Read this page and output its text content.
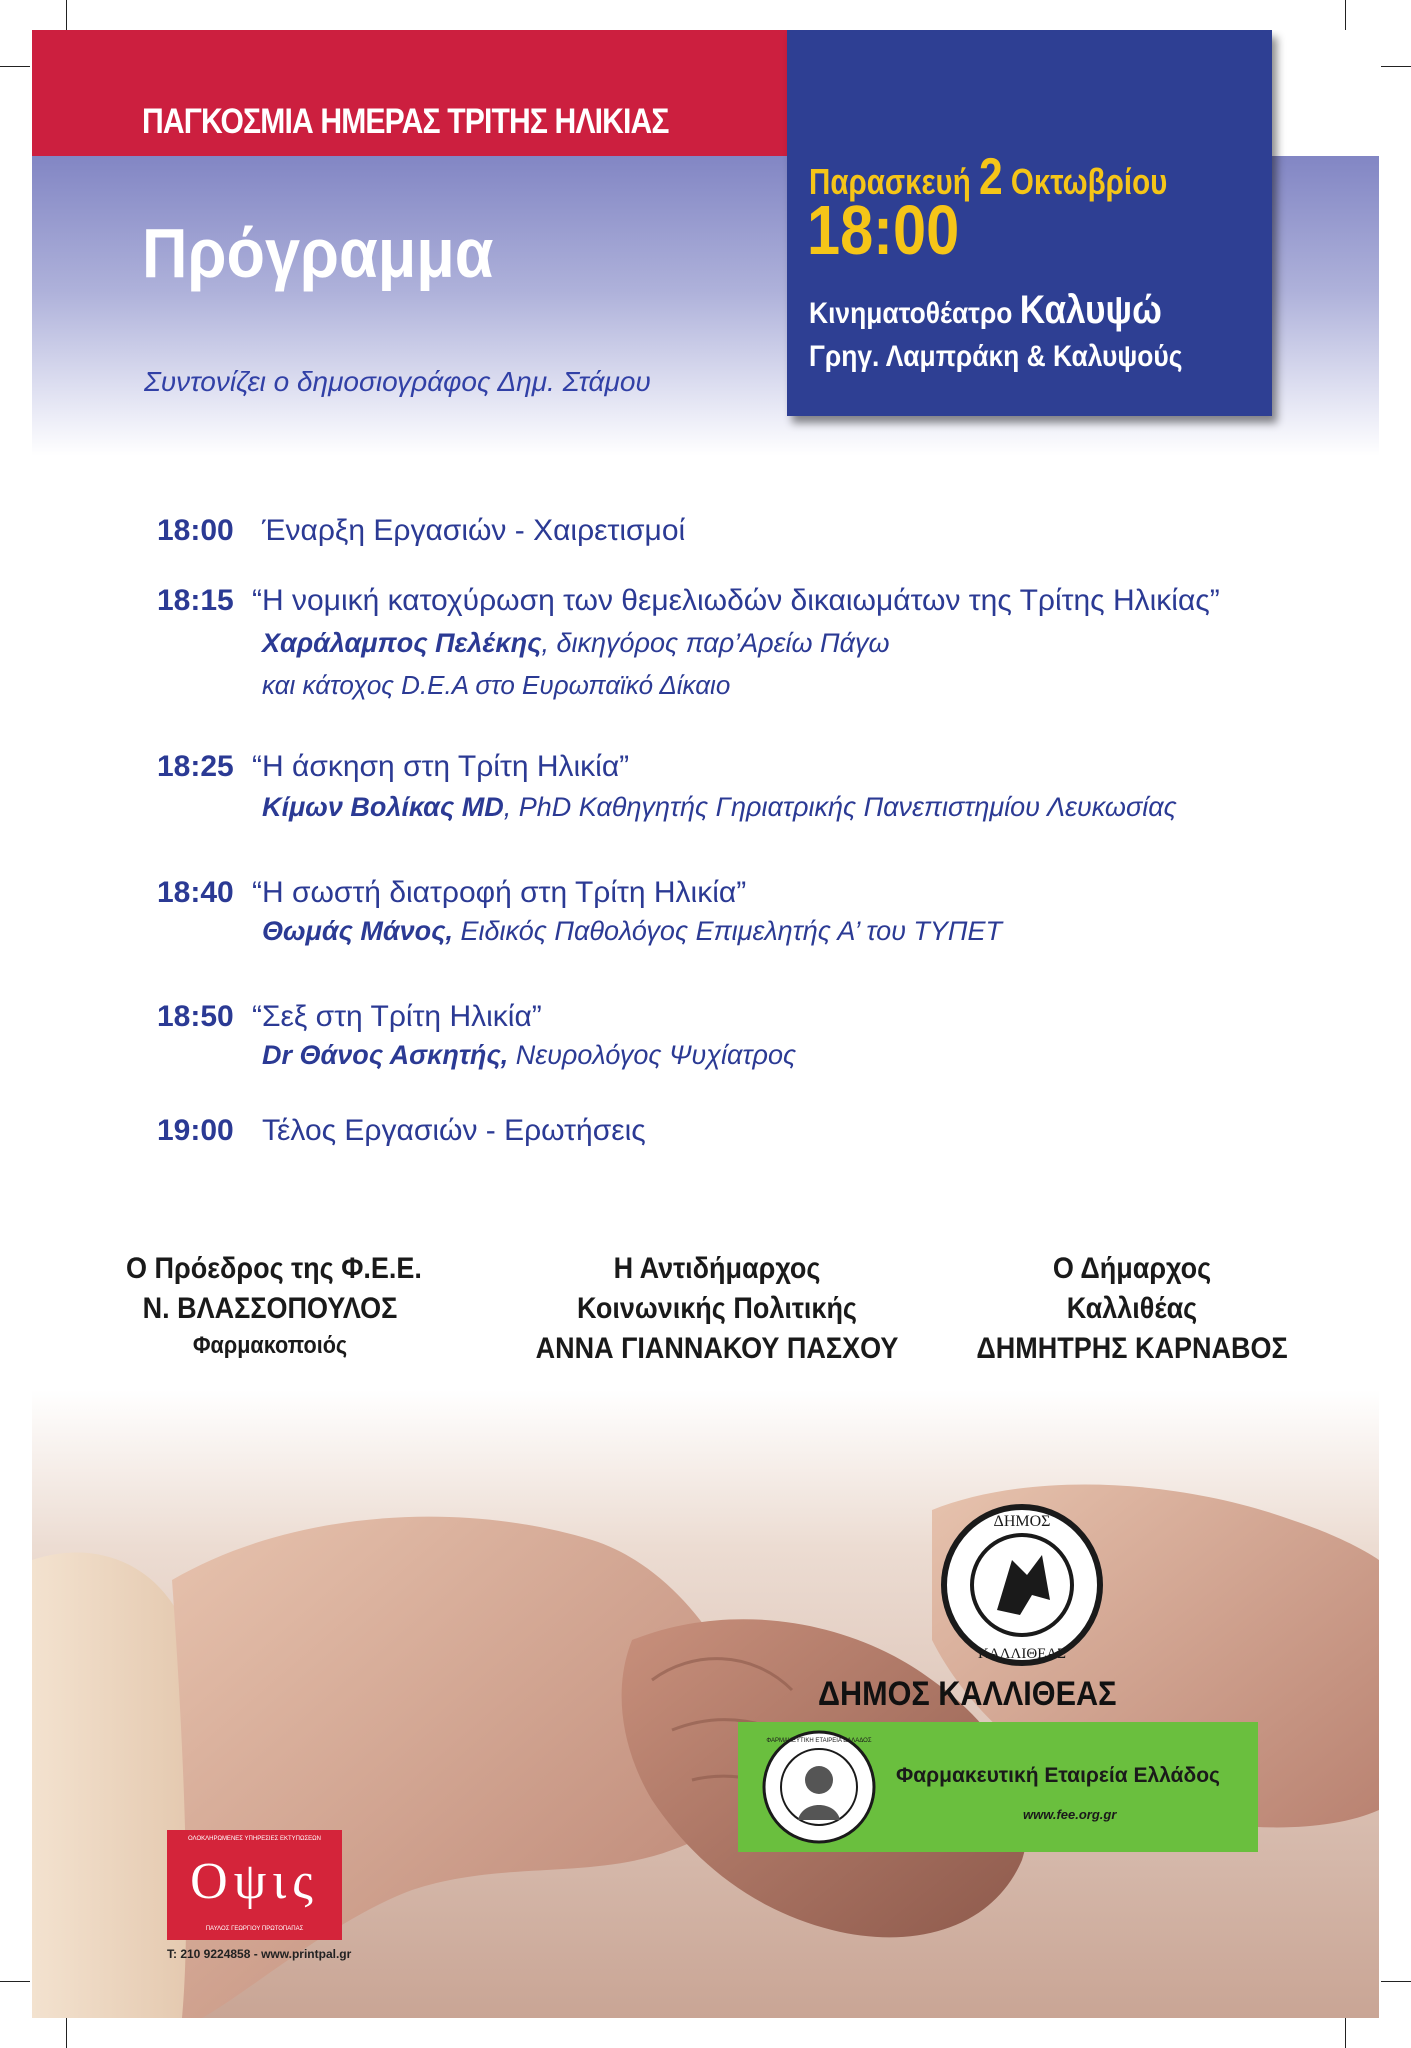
ΠΑΓΚΟΣΜΙΑ ΗΜΕΡΑΣ ΤΡΙΤΗΣ ΗΛΙΚΙΑΣ
Πρόγραμμα
Συντονίζει ο δημοσιογράφος Δημ. Στάμου
Παρασκευή 2 Οκτωβρίου
18:00
Κινηματοθέατρο Καλυψώ
Γρηγ. Λαμπράκη & Καλυψούς
18:00 Έναρξη Εργασιών - Χαιρετισμοί
18:15 “Η νομική κατοχύρωση των θεμελιωδών δικαιωμάτων της Τρίτης Ηλικίας”
Χαράλαμπος Πελέκης, δικηγόρος παρ’Αρείω Πάγω
και κάτοχος D.E.A στο Ευρωπαϊκό Δίκαιο
18:25 “Η άσκηση στη Τρίτη Ηλικία”
Κίμων Βολίκας MD, PhD Καθηγητής Γηριατρικής Πανεπιστημίου Λευκωσίας
18:40 “Η σωστή διατροφή στη Τρίτη Ηλικία”
Θωμάς Μάνος, Ειδικός Παθολόγος Επιμελητής Α’ του ΤΥΠΕΤ
18:50 “Σεξ στη Τρίτη Ηλικία”
Dr Θάνος Ασκητής, Νευρολόγος Ψυχίατρος
19:00 Τέλος Εργασιών - Ερωτήσεις
Ο Πρόεδρος της Φ.Ε.Ε.
Ν. ΒΛΑΣΣΟΠΟΥΛΟΣ
Φαρμακοποιός
Η Αντιδήμαρχος
Κοινωνικής Πολιτικής
ΑΝΝΑ ΓΙΑΝΝΑΚΟΥ ΠΑΣΧΟΥ
Ο Δήμαρχος
Καλλιθέας
ΔΗΜΗΤΡΗΣ ΚΑΡΝΑΒΟΣ
ΔΗΜΟΣ
ΚΑΛΛΙΘΕΑΣ
ΔΗΜΟΣ ΚΑΛΛΙΘΕΑΣ
ΦΑΡΜΑΚΕΥΤΙΚΗ ΕΤΑΙΡΕΙΑ ΕΛΛΑΔΟΣ
Φαρμακευτική Εταιρεία Ελλάδος
www.fee.org.gr
ΟΛΟΚΛΗΡΩΜΕΝΕΣ ΥΠΗΡΕΣΙΕΣ ΕΚΤΥΠΩΣΕΩΝ
Οψις
ΠΑΥΛΟΣ ΓΕΩΡΓΙΟΥ ΠΡΩΤΟΠΑΠΑΣ
T: 210 9224858 - www.printpal.gr
